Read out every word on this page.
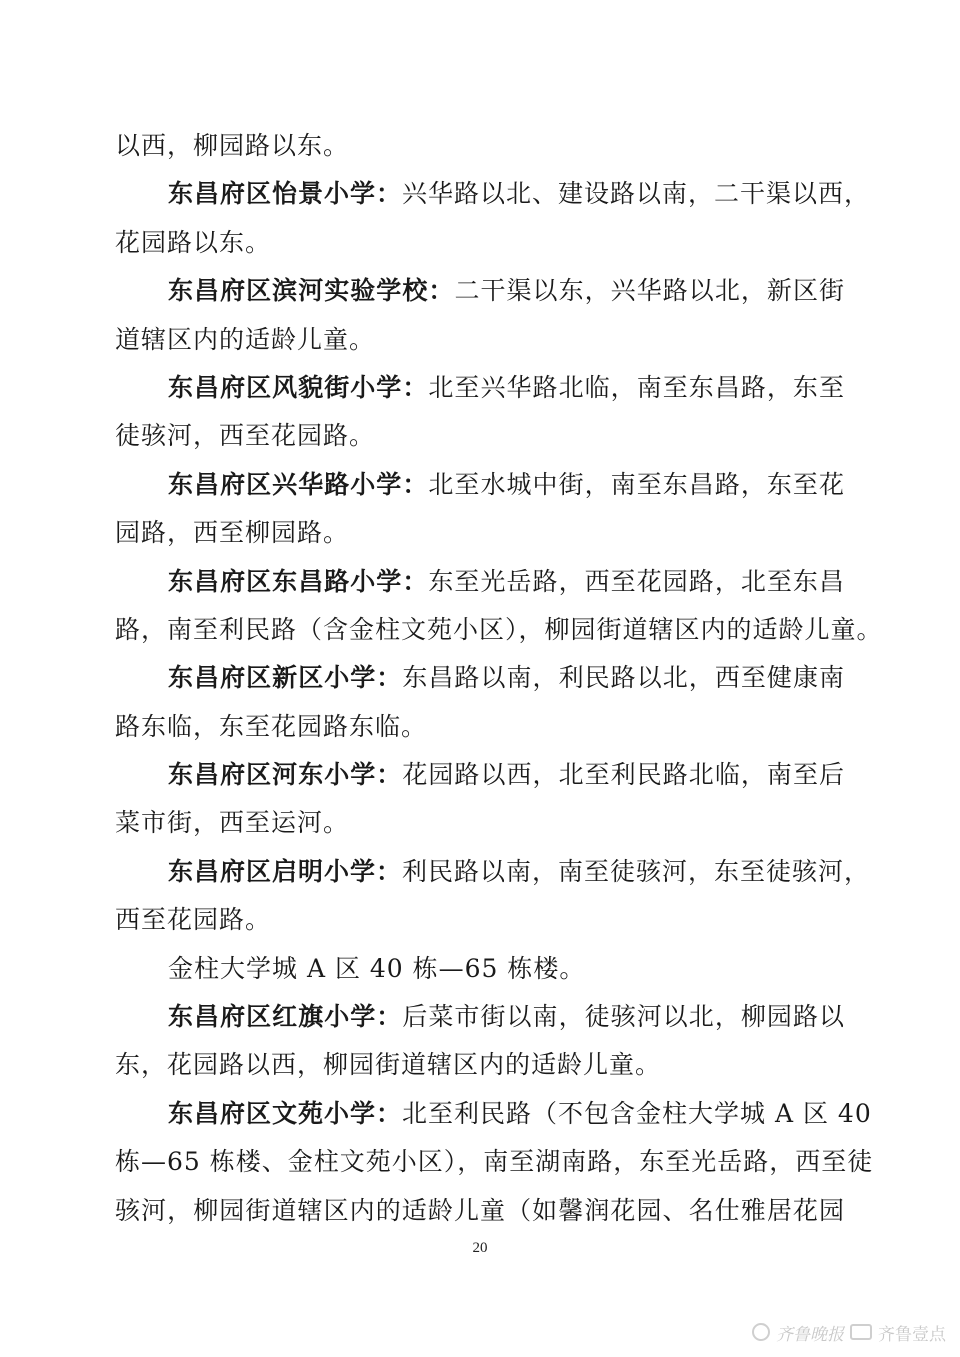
以西，柳园路以东。
东昌府区怡景小学：兴华路以北、建设路以南，二干渠以西，
花园路以东。
东昌府区滨河实验学校：二干渠以东，兴华路以北，新区街
道辖区内的适龄儿童。
东昌府区风貌街小学：北至兴华路北临，南至东昌路，东至
徒骇河，西至花园路。
东昌府区兴华路小学：北至水城中街，南至东昌路，东至花
园路，西至柳园路。
东昌府区东昌路小学：东至光岳路，西至花园路，北至东昌
路，南至利民路（含金柱文苑小区），柳园街道辖区内的适龄儿童。
东昌府区新区小学：东昌路以南，利民路以北，西至健康南
路东临，东至花园路东临。
东昌府区河东小学：花园路以西，北至利民路北临，南至后
菜市街，西至运河。
东昌府区启明小学：利民路以南，南至徒骇河，东至徒骇河，
西至花园路。
金柱大学城 A 区 40 栋—65 栋楼。
东昌府区红旗小学：后菜市街以南，徒骇河以北，柳园路以
东，花园路以西，柳园街道辖区内的适龄儿童。
东昌府区文苑小学：北至利民路（不包含金柱大学城 A 区 40
栋—65 栋楼、金柱文苑小区），南至湖南路，东至光岳路，西至徒
骇河，柳园街道辖区内的适龄儿童（如馨润花园、名仕雅居花园
20
齐鲁晚报 齐鲁壹点
